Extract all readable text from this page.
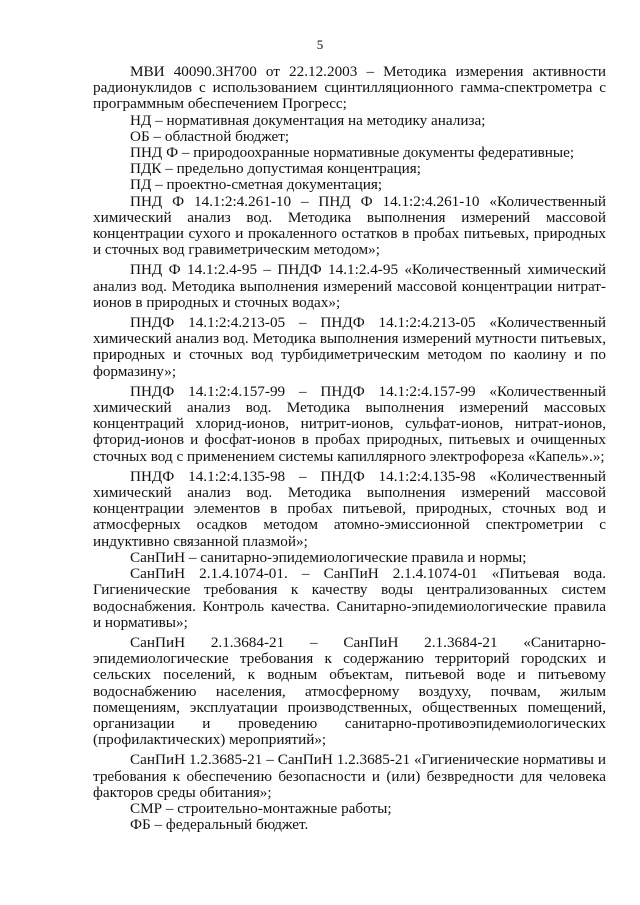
5

МВИ 40090.3Н700 от 22.12.2003 – Методика измерения активности радионуклидов с использованием сцинтилляционного гамма-спектрометра с программным обеспечением Прогресс;

НД – нормативная документация на методику анализа;

ОБ – областной бюджет;

ПНД Ф – природоохранные нормативные документы федеративные;

ПДК – предельно допустимая концентрация;

ПД – проектно-сметная документация;

ПНД Ф 14.1:2:4.261-10 – ПНД Ф 14.1:2:4.261-10 «Количественный химический анализ вод. Методика выполнения измерений массовой концентрации сухого и прокаленного остатков в пробах питьевых, природных и сточных вод гравиметрическим методом»;

ПНД Ф 14.1:2.4-95 – ПНДФ 14.1:2.4-95 «Количественный химический анализ вод. Методика выполнения измерений массовой концентрации нитрат-ионов в природных и сточных водах»;

ПНДФ 14.1:2:4.213-05 – ПНДФ 14.1:2:4.213-05 «Количественный химический анализ вод. Методика выполнения измерений мутности питьевых, природных и сточных вод турбидиметрическим методом по каолину и по формазину»;

ПНДФ 14.1:2:4.157-99 – ПНДФ 14.1:2:4.157-99 «Количественный химический анализ вод. Методика выполнения измерений массовых концентраций хлорид-ионов, нитрит-ионов, сульфат-ионов, нитрат-ионов, фторид-ионов и фосфат-ионов в пробах природных, питьевых и очищенных сточных вод с применением системы капиллярного электрофореза «Капель».»;

ПНДФ 14.1:2:4.135-98 – ПНДФ 14.1:2:4.135-98 «Количественный химический анализ вод. Методика выполнения измерений массовой концентрации элементов в пробах питьевой, природных, сточных вод и атмосферных осадков методом атомно-эмиссионной спектрометрии с индуктивно связанной плазмой»;

СанПиН – санитарно-эпидемиологические правила и нормы;

СанПиН 2.1.4.1074-01. – СанПиН 2.1.4.1074-01 «Питьевая вода. Гигиенические требования к качеству воды централизованных систем водоснабжения. Контроль качества. Санитарно-эпидемиологические правила и нормативы»;

СанПиН 2.1.3684-21 – СанПиН 2.1.3684-21 «Санитарно-эпидемиологические требования к содержанию территорий городских и сельских поселений, к водным объектам, питьевой воде и питьевому водоснабжению населения, атмосферному воздуху, почвам, жилым помещениям, эксплуатации производственных, общественных помещений, организации и проведению санитарно-противоэпидемиологических (профилактических) мероприятий»;

СанПиН 1.2.3685-21 – СанПиН 1.2.3685-21 «Гигиенические нормативы и требования к обеспечению безопасности и (или) безвредности для человека факторов среды обитания»;

СМР – строительно-монтажные работы;

ФБ – федеральный бюджет.
